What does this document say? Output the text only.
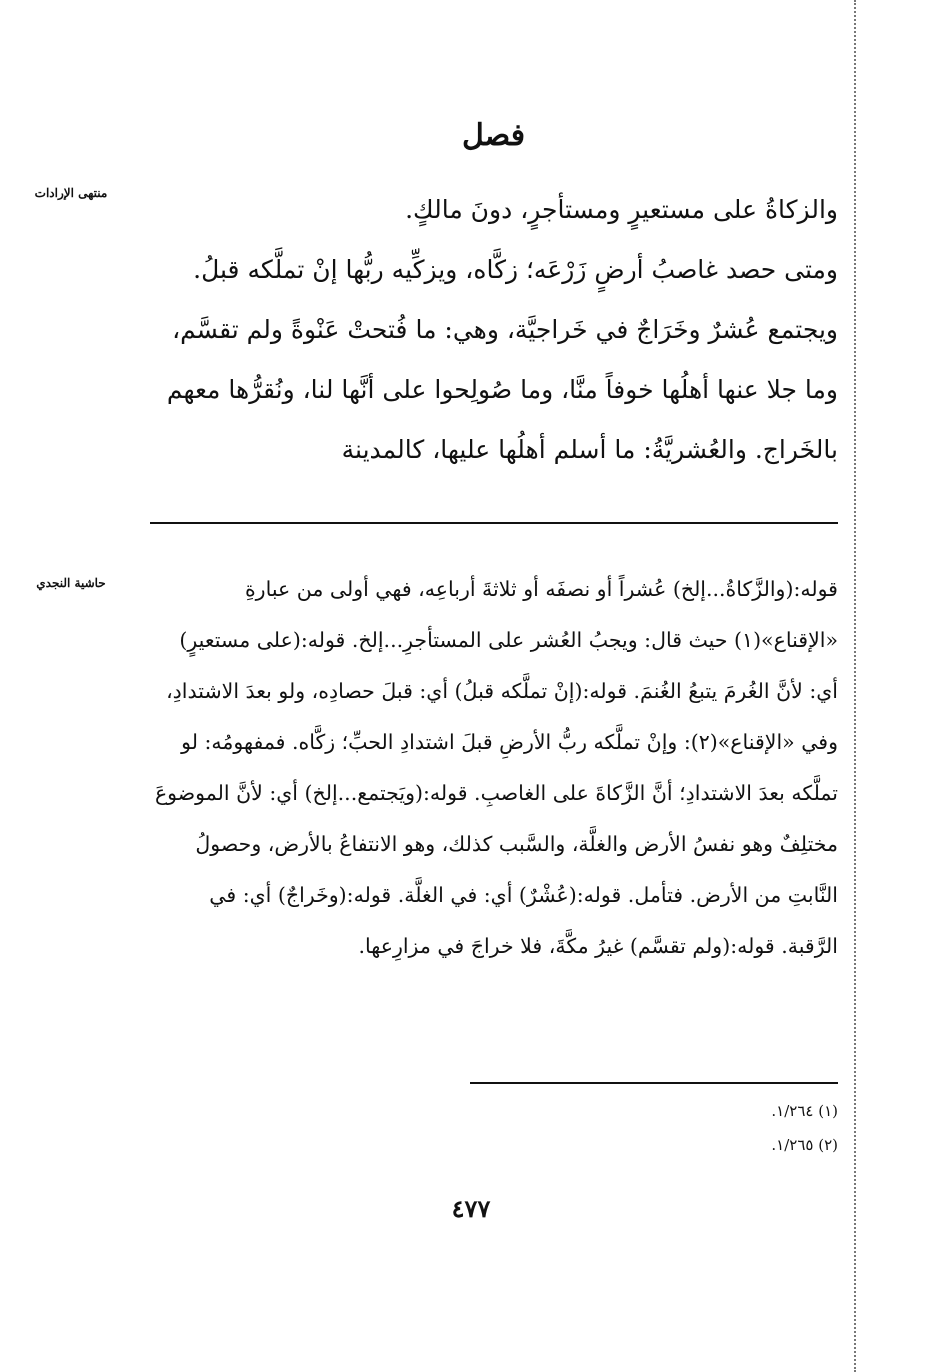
منتهى الإرادات
حاشية النجدي
فصل

والزكاةُ على مستعيرٍ ومستأجرٍ، دونَ مالكٍ.

ومتى حصد غاصبُ أرضٍ زَرْعَه؛ زكَّاه، ويزكِّيه ربُّها إنْ تملَّكه قبلُ.

ويجتمع عُشرٌ وخَرَاجٌ في خَراجيَّة، وهي: ما فُتحتْ عَنْوةً ولم تقسَّم، وما جلا عنها أهلُها خوفاً منَّا، وما صُولِحوا على أنَّها لنا، ونُقرُّها معهم بالخَراج. والعُشريَّةُ: ما أسلم أهلُها عليها، كالمدينة

قوله:(والزَّكاةُ...إلخ) عُشراً أو نصفَه أو ثلاثةَ أرباعِه، فهي أولى من عبارةِ «الإقناع»(١) حيث قال: ويجبُ العُشر على المستأجرِ...إلخ. قوله:(على مستعيرٍ) أي: لأنَّ الغُرمَ يتبعُ الغُنمَ. قوله:(إنْ تملَّكه قبلُ) أي: قبلَ حصادِه، ولو بعدَ الاشتدادِ، وفي «الإقناع»(٢): وإنْ تملَّكه ربُّ الأرضِ قبلَ اشتدادِ الحبِّ؛ زكَّاه. فمفهومُه: لو تملَّكه بعدَ الاشتدادِ؛ أنَّ الزَّكاةَ على الغاصبِ. قوله:(ويَجتمع...إلخ) أي: لأنَّ الموضوعَ مختلِفٌ وهو نفسُ الأرض والغلَّة، والسَّبب كذلك، وهو الانتفاعُ بالأرض، وحصولُ النَّابتِ من الأرض. فتأمل. قوله:(عُشْرٌ) أي: في الغلَّة. قوله:(وخَراجٌ) أي: في الرَّقبة. قوله:(ولم تقسَّم) غيرُ مكَّةَ، فلا خراجَ في مزارِعها.

(١) ١/٢٦٤.
(٢) ١/٢٦٥.
٤٧٧
